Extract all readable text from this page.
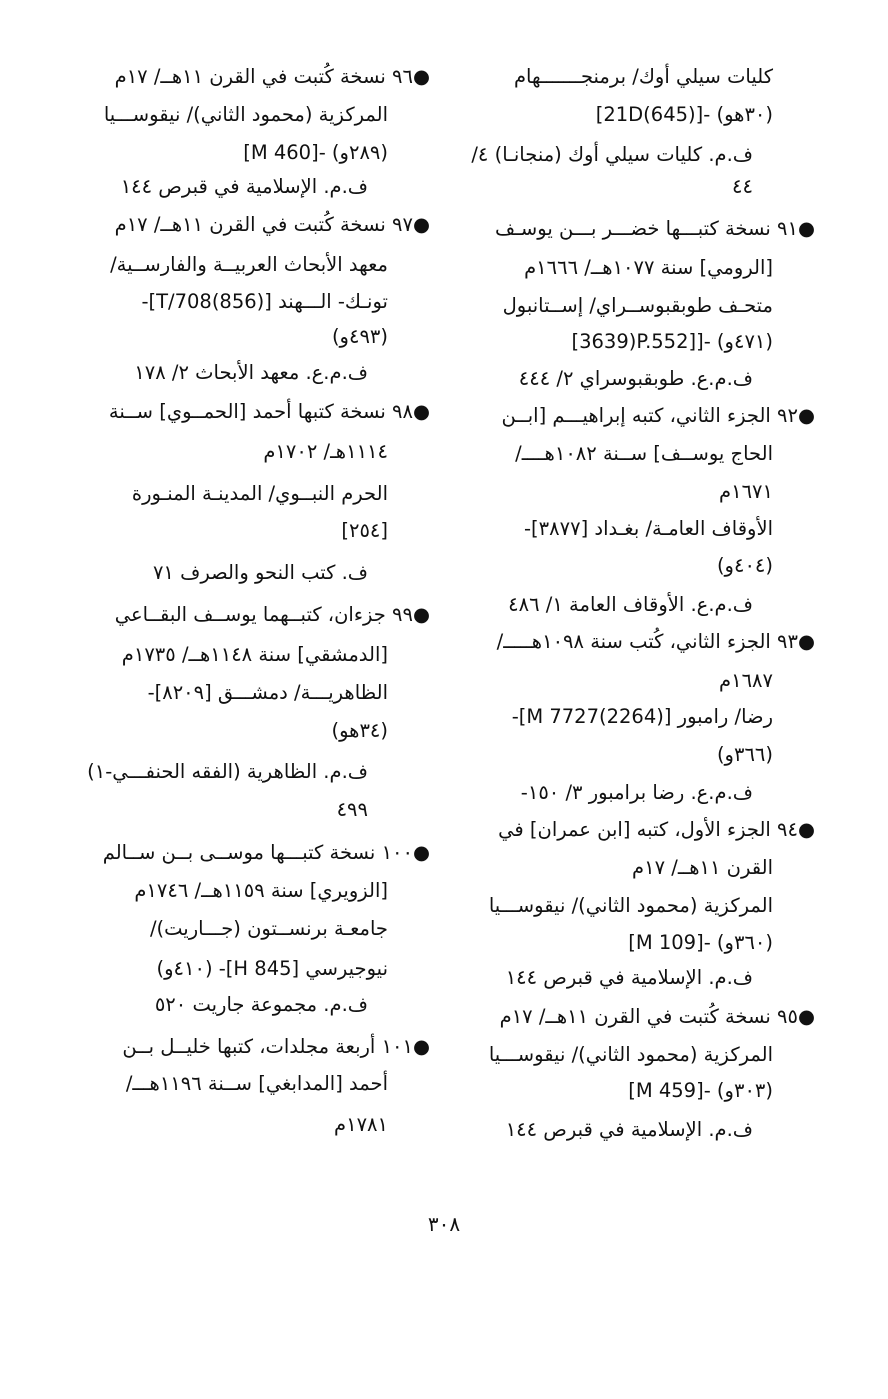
كليات سيلي أوك/ برمنجـــــــهام
[21D(645)]- (٣٠ھو)
ف.م. كليات سيلي أوك (منجانـا) ٤/
٤٤
●٩١ نسخة كتبـــها خضـــر بـــن يوسـف
[الرومي] سنة ١٠٧٧هــ/ ١٦٦٦م
متحـف طوبقبوســراي/ إســتانبول
[3639)P.552]]- (٤٧١و)
ف.م.ع. طوبقبوسراي ٢/ ٤٤٤
●٩٢ الجزء الثاني، كتبه إبراهيـــم [ابــن
الحاج يوســف] ســنة ١٠٨٢هــــ/
١٦٧١م
الأوقاف العامـة/ بغـداد [٣٨٧٧]-
(٤٠٤و)
ف.م.ع. الأوقاف العامة ١/ ٤٨٦
●٩٣ الجزء الثاني، كُتب سنة ١٠٩٨هـــــ/
١٦٨٧م
رضا/ رامبور [M 7727(2264)]-
(٣٦٦و)
ف.م.ع. رضا برامبور ٣/ ١٥٠-
●٩٤ الجزء الأول، كتبه [ابن عمران] في
القرن ١١هــ/ ١٧م
المركزية (محمود الثاني)/ نيقوســـيا
[M 109]- (٣٦٠و)
ف.م. الإسلامية في قبرص ١٤٤
●٩٥ نسخة كُتبت في القرن ١١هــ/ ١٧م
المركزية (محمود الثاني)/ نيقوســـيا
[M 459]- (٣٠٣و)
ف.م. الإسلامية في قبرص ١٤٤
●٩٦ نسخة كُتبت في القرن ١١هــ/ ١٧م
المركزية (محمود الثاني)/ نيقوســـيا
[M 460]- (٢٨٩و)
ف.م. الإسلامية في قبرص ١٤٤
●٩٧ نسخة كُتبت في القرن ١١هــ/ ١٧م
معهد الأبحاث العربيــة والفارســية/
تونـك- الـــهند [T/708(856)]-
(٤٩٣و)
ف.م.ع. معهد الأبحاث ٢/ ١٧٨
●٩٨ نسخة كتبها أحمد [الحمــوي] ســنة
١١١٤هـ/ ١٧٠٢م
الحرم النبــوي/ المدينـة المنـورة
[٢٥٤]
ف. كتب النحو والصرف ٧١
●٩٩ جزءان، كتبــهما يوســف البقــاعي
[الدمشقي] سنة ١١٤٨هــ/ ١٧٣٥م
الظاهريـــة/ دمشـــق [٨٢٠٩]-
(٣٤ھو)
ف.م. الظاهرية (الفقه الحنفـــي-١)
٤٩٩
●١٠٠ نسخة كتبـــها موســى بــن ســالم
[الزويري] سنة ١١٥٩هــ/ ١٧٤٦م
جامعـة برنســتون (جـــاريت)/
نيوجيرسي [845 H]- (٤١٠و)
ف.م. مجموعة جاريت ٥٢٠
●١٠١ أربعة مجلدات، كتبها خليــل بــن
أحمد [المدابغي] ســنة ١١٩٦هـــ/
١٧٨١م
٣٠٨
